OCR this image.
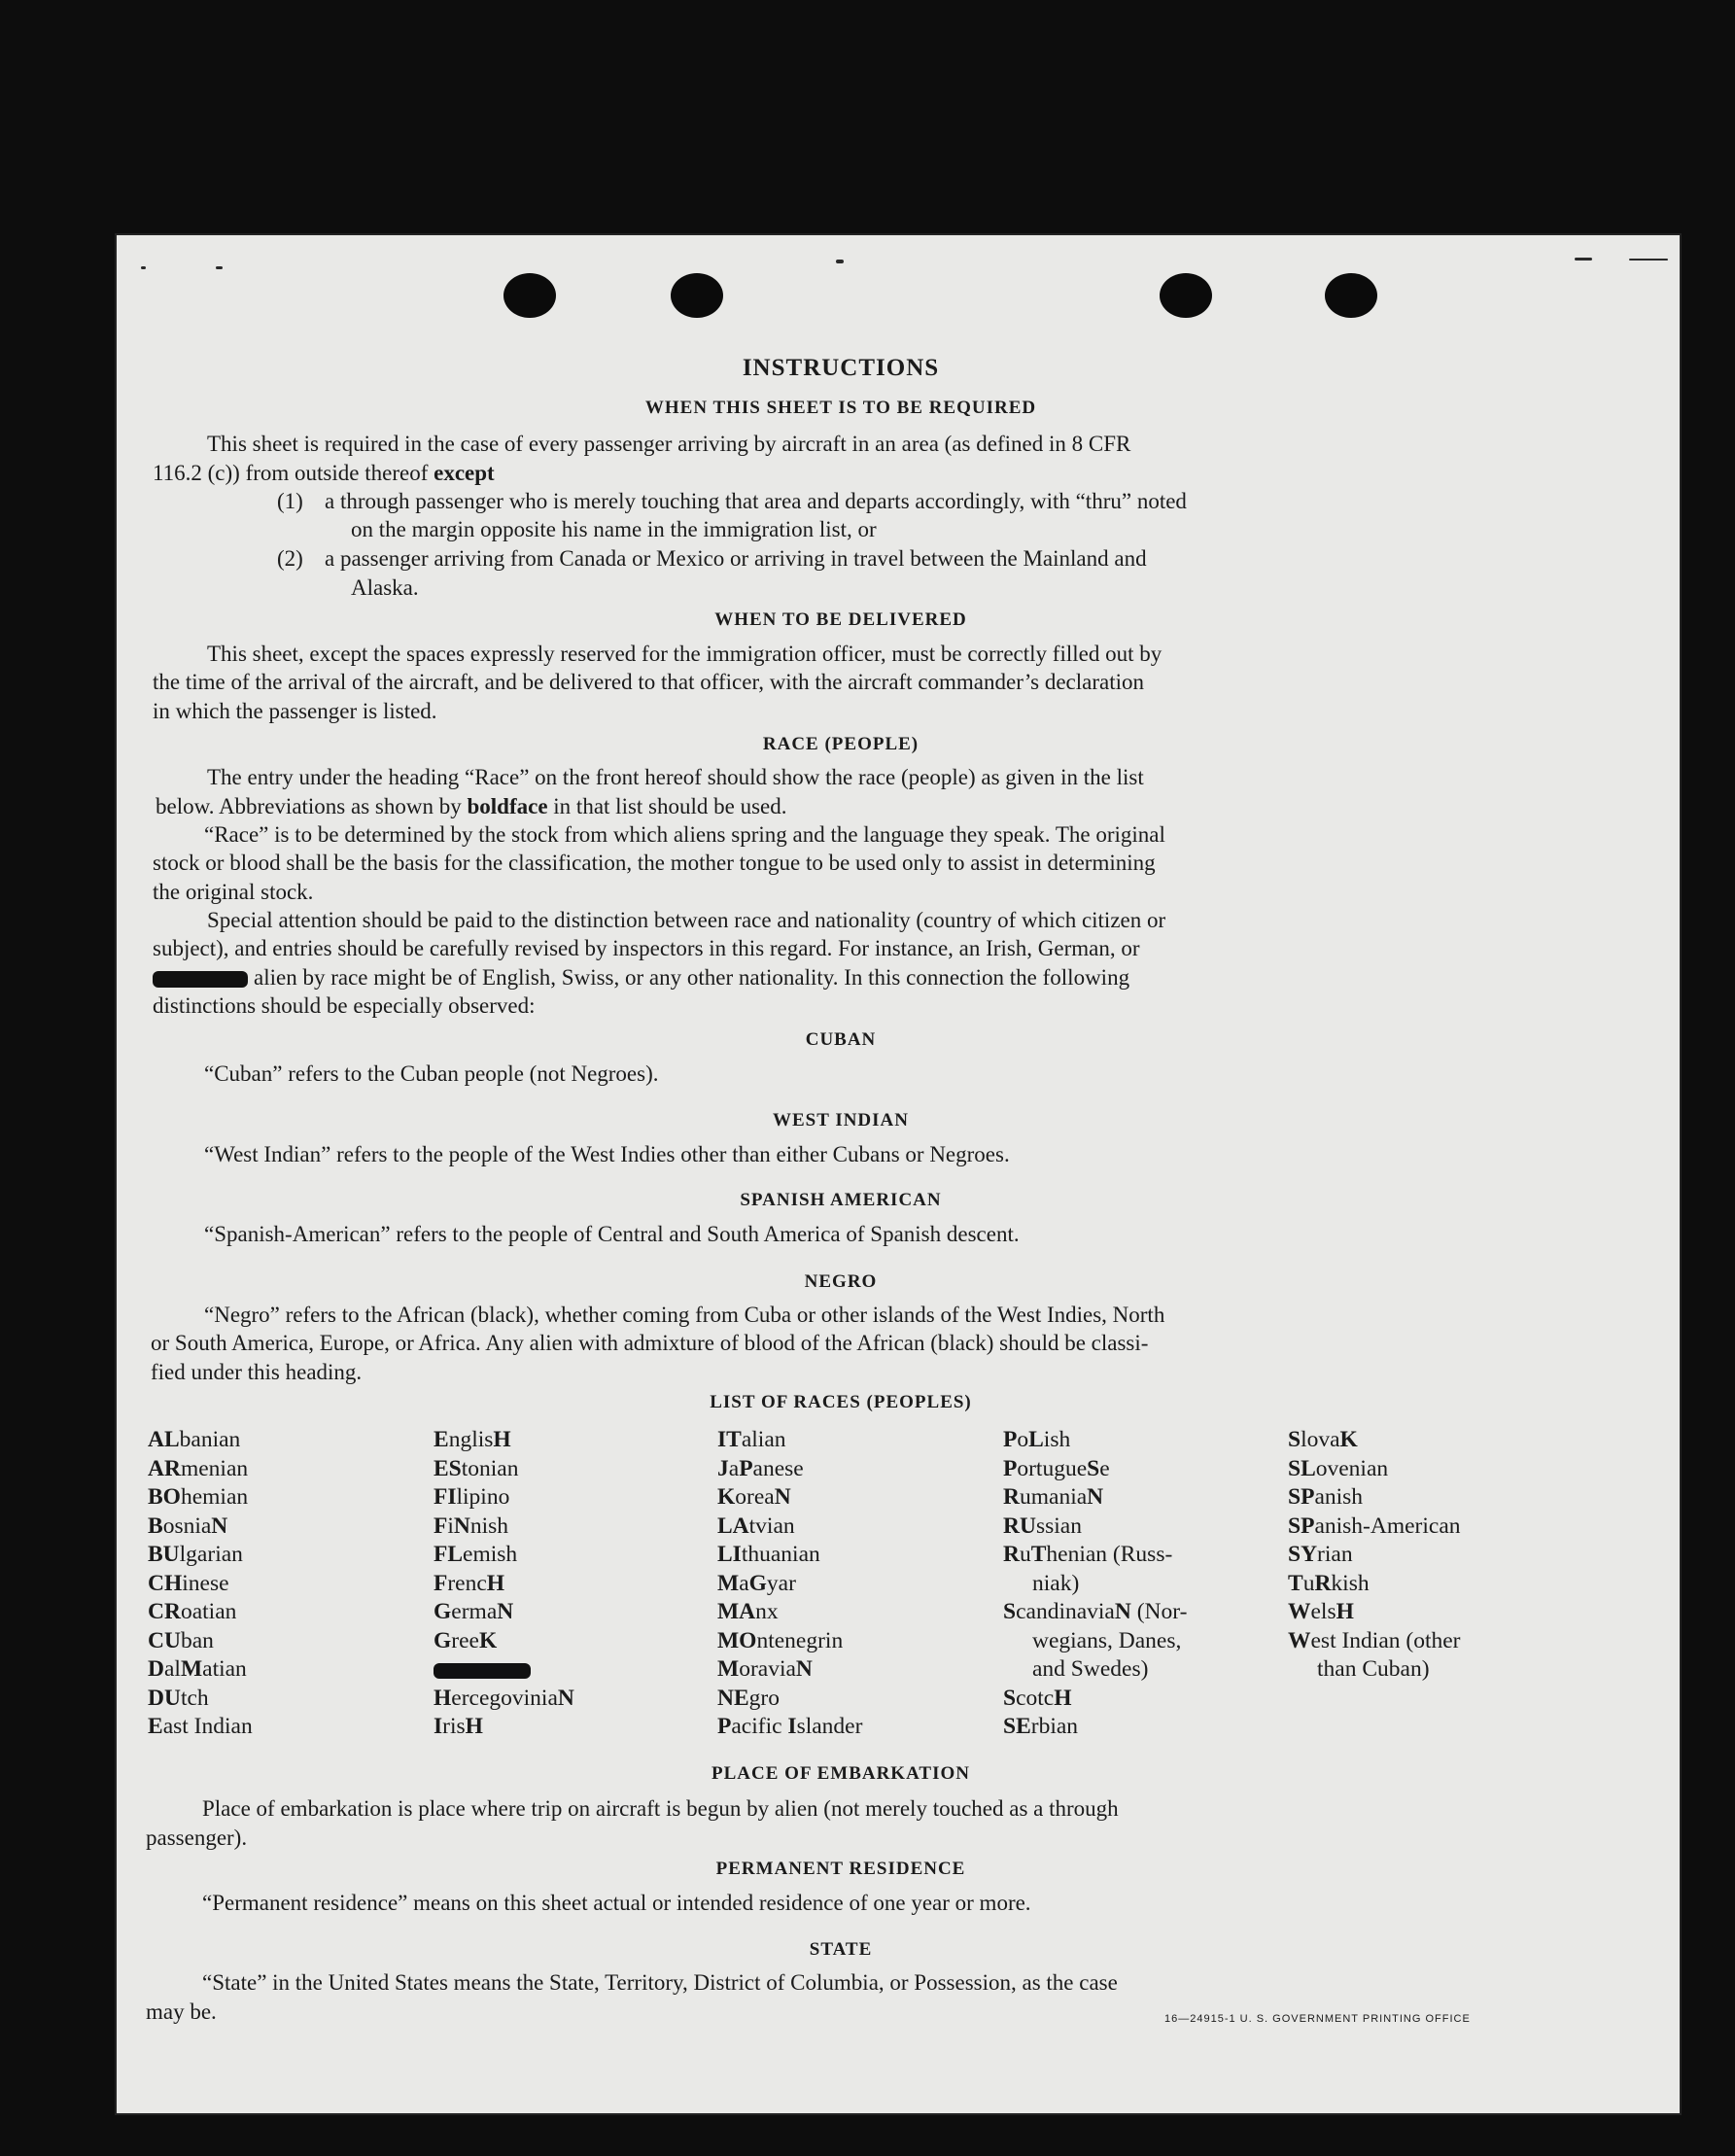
INSTRUCTIONS
WHEN THIS SHEET IS TO BE REQUIRED
This sheet is required in the case of every passenger arriving by aircraft in an area (as defined in 8 CFR
116.2 (c)) from outside thereof except
(1) a through passenger who is merely touching that area and departs accordingly, with “thru” noted
on the margin opposite his name in the immigration list, or
(2) a passenger arriving from Canada or Mexico or arriving in travel between the Mainland and
Alaska.
WHEN TO BE DELIVERED
This sheet, except the spaces expressly reserved for the immigration officer, must be correctly filled out by
the time of the arrival of the aircraft, and be delivered to that officer, with the aircraft commander’s declaration
in which the passenger is listed.
RACE (PEOPLE)
The entry under the heading “Race” on the front hereof should show the race (people) as given in the list
below. Abbreviations as shown by boldface in that list should be used.
“Race” is to be determined by the stock from which aliens spring and the language they speak. The original
stock or blood shall be the basis for the classification, the mother tongue to be used only to assist in determining
the original stock.
Special attention should be paid to the distinction between race and nationality (country of which citizen or
subject), and entries should be carefully revised by inspectors in this regard. For instance, an Irish, German, or
alien by race might be of English, Swiss, or any other nationality. In this connection the following
distinctions should be especially observed:
CUBAN
“Cuban” refers to the Cuban people (not Negroes).
WEST INDIAN
“West Indian” refers to the people of the West Indies other than either Cubans or Negroes.
SPANISH AMERICAN
“Spanish-American” refers to the people of Central and South America of Spanish descent.
NEGRO
“Negro” refers to the African (black), whether coming from Cuba or other islands of the West Indies, North
or South America, Europe, or Africa. Any alien with admixture of blood of the African (black) should be classi-
fied under this heading.
LIST OF RACES (PEOPLES)
ALbanian
ARmenian
BOhemian
BosniaN
BUlgarian
CHinese
CRoatian
CUban
DalMatian
DUtch
East Indian
EnglisH
EStonian
FIlipino
FiNnish
FLemish
FrencH
GermaN
GreeK
HercegoviniaN
IrisH
ITalian
JaPanese
KoreaN
LAtvian
LIthuanian
MaGyar
MAnx
MOntenegrin
MoraviaN
NEgro
Pacific Islander
PoLish
PortugueSe
RumaniaN
RUssian
RuThenian (Russ-
niak)
ScandinaviaN (Nor-
wegians, Danes,
and Swedes)
ScotcH
SErbian
SlovaK
SLovenian
SPanish
SPanish-American
SYrian
TuRkish
WelsH
West Indian (other
than Cuban)
PLACE OF EMBARKATION
Place of embarkation is place where trip on aircraft is begun by alien (not merely touched as a through
passenger).
PERMANENT RESIDENCE
“Permanent residence” means on this sheet actual or intended residence of one year or more.
STATE
“State” in the United States means the State, Territory, District of Columbia, or Possession, as the case
may be.	16—24915-1 U. S. GOVERNMENT PRINTING OFFICE
